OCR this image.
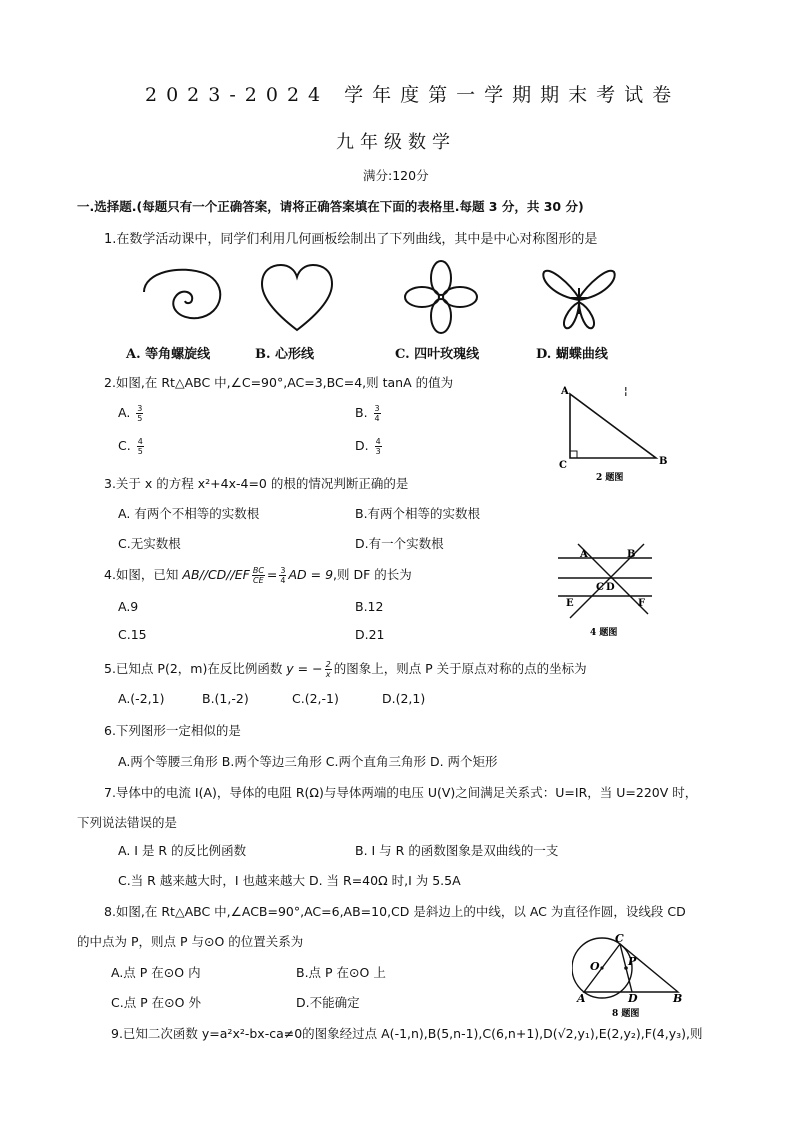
2023-2024 学年度第一学期期末考试卷
九年级数学
满分:120分
一.选择题.(每题只有一个正确答案，请将正确答案填在下面的表格里.每题 3 分，共 30 分)
1.在数学活动课中，同学们利用几何画板绘制出了下列曲线，其中是中心对称图形的是
A. 等角螺旋线	B. 心形线	C. 四叶玫瑰线	D. 蝴蝶曲线
2.如图,在 Rt△ABC 中,∠C=90°,AC=3,BC=4,则 tanA 的值为
A. $\frac{3}{5}$	B. $\frac{3}{4}$
C. $\frac{4}{5}$	D. $\frac{4}{3}$
A	¦
C	B
2 题图
3.关于 x 的方程 x²+4x-4=0 的根的情况判断正确的是
A. 有两个不相等的实数根	B.有两个相等的实数根
C.无实数根	D.有一个实数根
4.如图，已知 $AB//CD//EF \frac{BC}{CE} = \frac{3}{4}$ AD = 9,则 DF 的长为
A.9	B.12
C.15	D.21
A	B
C D
E	F
4 题图
5.已知点 P(2，m)在反比例函数 y = − $\frac{2}{x}$ 的图象上，则点 P 关于原点对称的点的坐标为
A.(-2,1)	B.(1,-2)	C.(2,-1)	D.(2,1)
6.下列图形一定相似的是
A.两个等腰三角形 B.两个等边三角形 C.两个直角三角形 D. 两个矩形
7.导体中的电流 I(A)，导体的电阻 R(Ω)与导体两端的电压 U(V)之间满足关系式：U=IR，当 U=220V 时，
下列说法错误的是
A. I 是 R 的反比例函数	B. I 与 R 的函数图象是双曲线的一支
C.当 R 越来越大时，I 也越来越大 D. 当 R=40Ω 时,I 为 5.5A
8.如图,在 Rt△ABC 中,∠ACB=90°,AC=6,AB=10,CD 是斜边上的中线，以 AC 为直径作圆，设线段 CD
的中点为 P，则点 P 与⊙O 的位置关系为
A.点 P 在⊙O 内	B.点 P 在⊙O 上
C.点 P 在⊙O 外	D.不能确定
C
O	P
A	D	B
8 题图
9.已知二次函数 y=a²x²-bx-ca≠0的图象经过点 A(-1,n),B(5,n-1),C(6,n+1),D(√2,y₁),E(2,y₂),F(4,y₃),则
